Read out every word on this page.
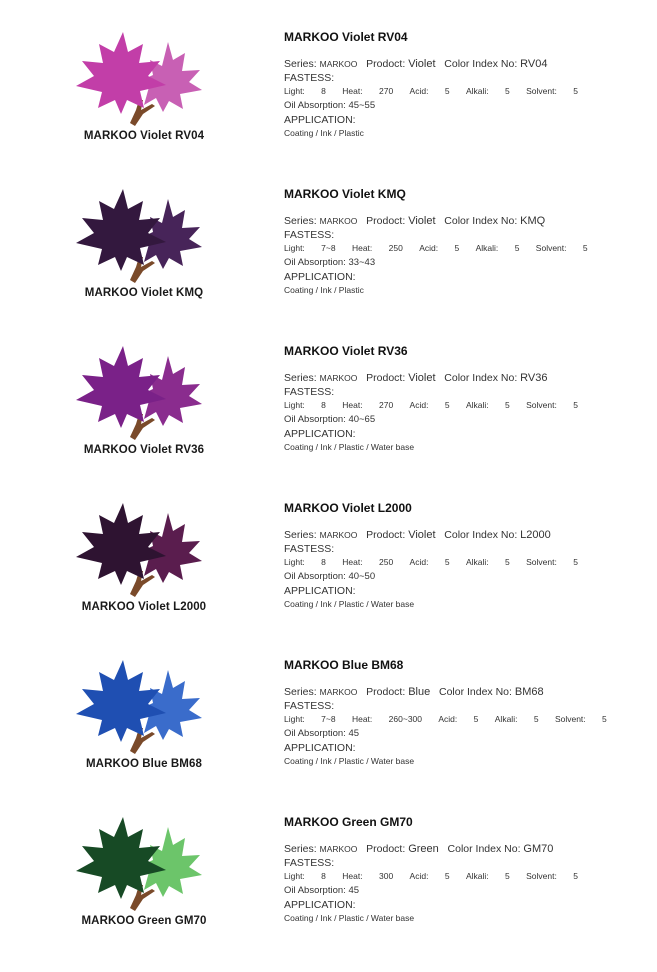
MARKOO Violet RV04
MARKOO Violet RV04
Series: MARKOO Prodoct: Violet Color Index No: RV04
FASTESS:
Light: 8 Heat: 270 Acid: 5 Alkali: 5 Solvent: 5
Oil Absorption: 45~55
APPLICATION:
Coating / Ink / Plastic
MARKOO Violet KMQ
MARKOO Violet KMQ
Series: MARKOO Prodoct: Violet Color Index No: KMQ
FASTESS:
Light: 7~8 Heat: 250 Acid: 5 Alkali: 5 Solvent: 5
Oil Absorption: 33~43
APPLICATION:
Coating / Ink / Plastic
MARKOO Violet RV36
MARKOO Violet RV36
Series: MARKOO Prodoct: Violet Color Index No: RV36
FASTESS:
Light: 8 Heat: 270 Acid: 5 Alkali: 5 Solvent: 5
Oil Absorption: 40~65
APPLICATION:
Coating / Ink / Plastic / Water base
MARKOO Violet L2000
MARKOO Violet L2000
Series: MARKOO Prodoct: Violet Color Index No: L2000
FASTESS:
Light: 8 Heat: 250 Acid: 5 Alkali: 5 Solvent: 5
Oil Absorption: 40~50
APPLICATION:
Coating / Ink / Plastic / Water base
MARKOO Blue BM68
MARKOO Blue BM68
Series: MARKOO Prodoct: Blue Color Index No: BM68
FASTESS:
Light: 7~8 Heat: 260~300 Acid: 5 Alkali: 5 Solvent: 5
Oil Absorption: 45
APPLICATION:
Coating / Ink / Plastic / Water base
MARKOO Green GM70
MARKOO Green GM70
Series: MARKOO Prodoct: Green Color Index No: GM70
FASTESS:
Light: 8 Heat: 300 Acid: 5 Alkali: 5 Solvent: 5
Oil Absorption: 45
APPLICATION:
Coating / Ink / Plastic / Water base
